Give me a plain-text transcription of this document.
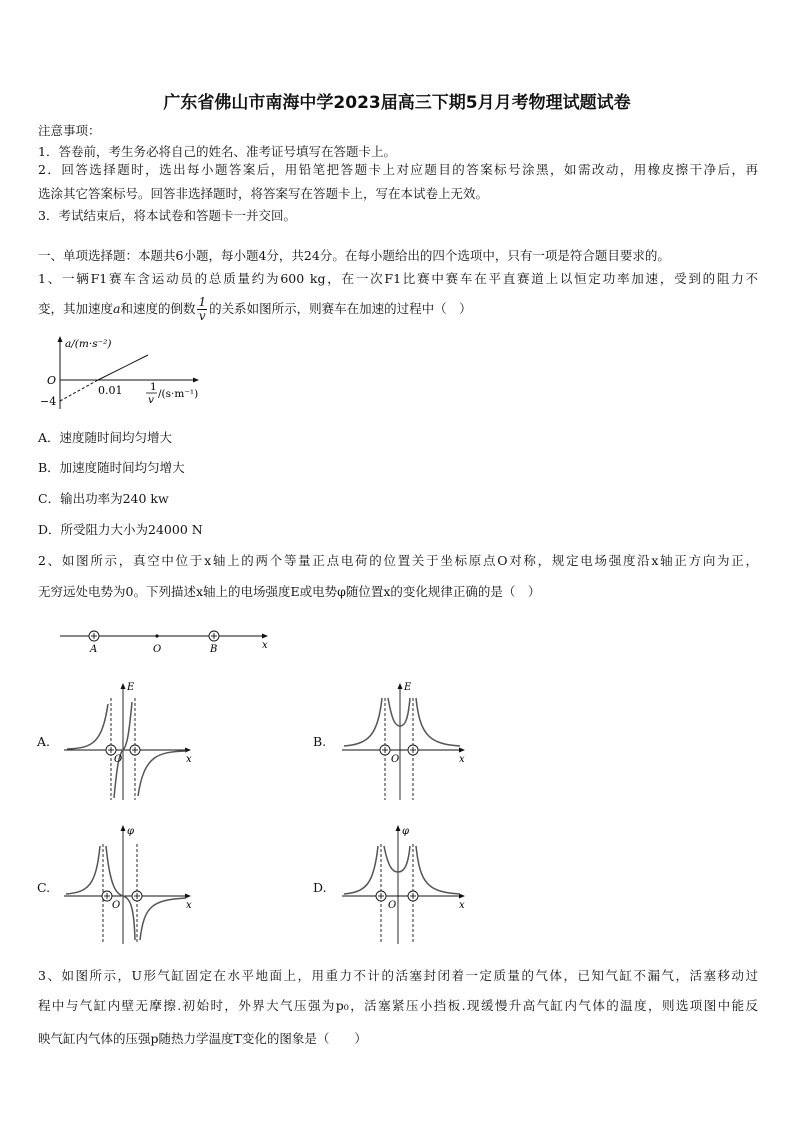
广东省佛山市南海中学2023届高三下期5月月考物理试题试卷
注意事项：
1．答卷前，考生务必将自己的姓名、准考证号填写在答题卡上。
2．回答选择题时，选出每小题答案后，用铅笔把答题卡上对应题目的答案标号涂黑，如需改动，用橡皮擦干净后，再
选涂其它答案标号。回答非选择题时，将答案写在答题卡上，写在本试卷上无效。
3．考试结束后，将本试卷和答题卡一并交回。
一、单项选择题：本题共6小题，每小题4分，共24分。在每小题给出的四个选项中，只有一项是符合题目要求的。
1、一辆F1赛车含运动员的总质量约为600 kg，在一次F1比赛中赛车在平直赛道上以恒定功率加速，受到的阻力不
变，其加速度a和速度的倒数 $\frac{1}{v}$ 的关系如图所示，则赛车在加速的过程中（　）
a/(m·s⁻²)
O
−4
0.01	1
v /(s·m⁻¹)
A．速度随时间均匀增大
B．加速度随时间均匀增大
C．输出功率为240 kw
D．所受阻力大小为24000 N
2、如图所示，真空中位于x轴上的两个等量正点电荷的位置关于坐标原点O对称，规定电场强度沿x轴正方向为正，
无穷远处电势为0。下列描述x轴上的电场强度E或电势φ随位置x的变化规律正确的是（　）
A	O	B	x
A.	B.
C.	D.
E
O	x
E
O	x
φ
O	x
φ
O	x
3、如图所示，U形气缸固定在水平地面上，用重力不计的活塞封闭着一定质量的气体，已知气缸不漏气，活塞移动过
程中与气缸内壁无摩擦.初始时，外界大气压强为p₀，活塞紧压小挡板.现缓慢升高气缸内气体的温度，则选项图中能反
映气缸内气体的压强p随热力学温度T变化的图象是（　　）
